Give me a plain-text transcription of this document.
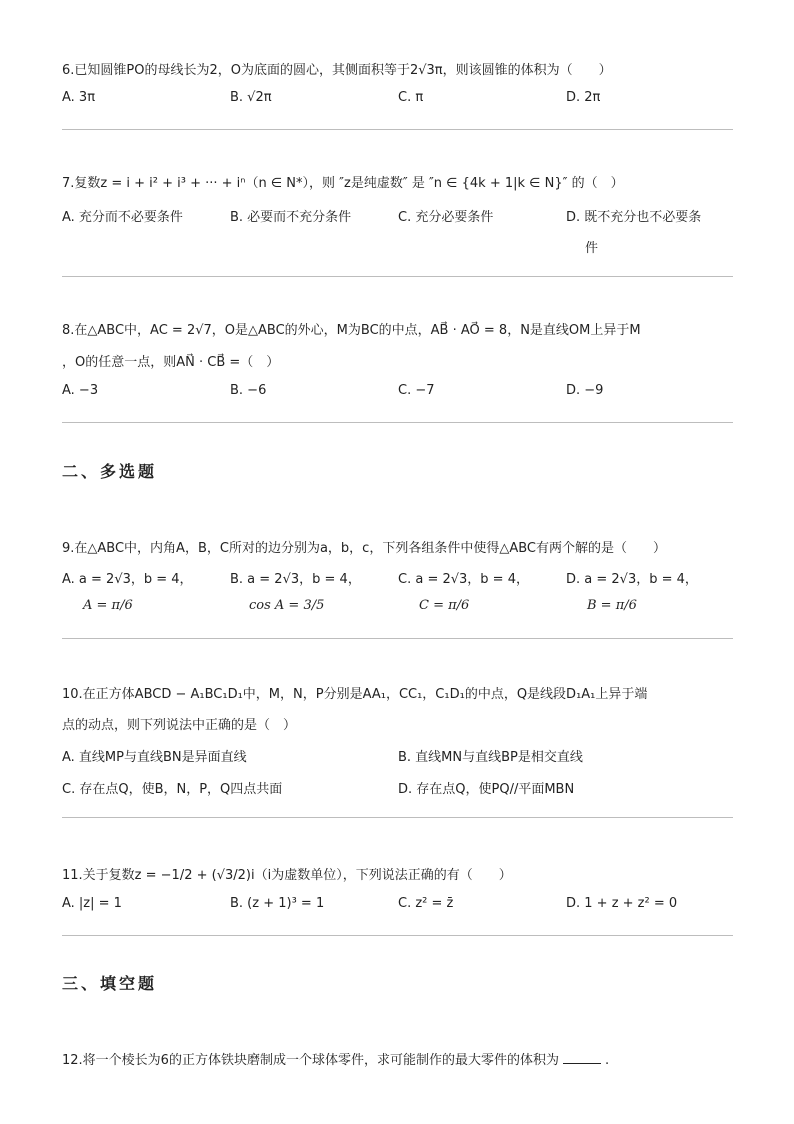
6.已知圆锥PO的母线长为2，O为底面的圆心，其侧面积等于2√3π，则该圆锥的体积为（　　）
A. 3π	B. √2π	C. π	D. 2π
7.复数z = i + i² + i³ + ··· + iⁿ（n ∈ N*），则 ″z是纯虚数″ 是 ″n ∈ {4k + 1|k ∈ N}″ 的（　）
A. 充分而不必要条件	B. 必要而不充分条件	C. 充分必要条件	D. 既不充分也不必要条
件
8.在△ABC中，AC = 2√7，O是△ABC的外心，M为BC的中点，AB⃗ · AO⃗ = 8，N是直线OM上异于M
，O的任意一点，则AN⃗ · CB⃗ =（　）
A. −3	B. −6	C. −7	D. −9
二、多选题
9.在△ABC中，内角A，B，C所对的边分别为a，b，c，下列各组条件中使得△ABC有两个解的是（　　）
A. a = 2√3，b = 4，	B. a = 2√3，b = 4，	C. a = 2√3，b = 4，	D. a = 2√3，b = 4，
A = π/6	cos A = 3/5	C = π/6	B = π/6
10.在正方体ABCD − A₁BC₁D₁中，M，N，P分别是AA₁，CC₁，C₁D₁的中点，Q是线段D₁A₁上异于端
点的动点，则下列说法中正确的是（　）
A. 直线MP与直线BN是异面直线	B. 直线MN与直线BP是相交直线
C. 存在点Q，使B，N，P，Q四点共面	D. 存在点Q，使PQ//平面MBN
11.关于复数z = −1/2 + (√3/2)i（i为虚数单位），下列说法正确的有（　　）
A. |z| = 1	B. (z + 1)³ = 1	C. z² = z̄	D. 1 + z + z² = 0
三、填空题
12.将一个棱长为6的正方体铁块磨制成一个球体零件，求可能制作的最大零件的体积为	.
